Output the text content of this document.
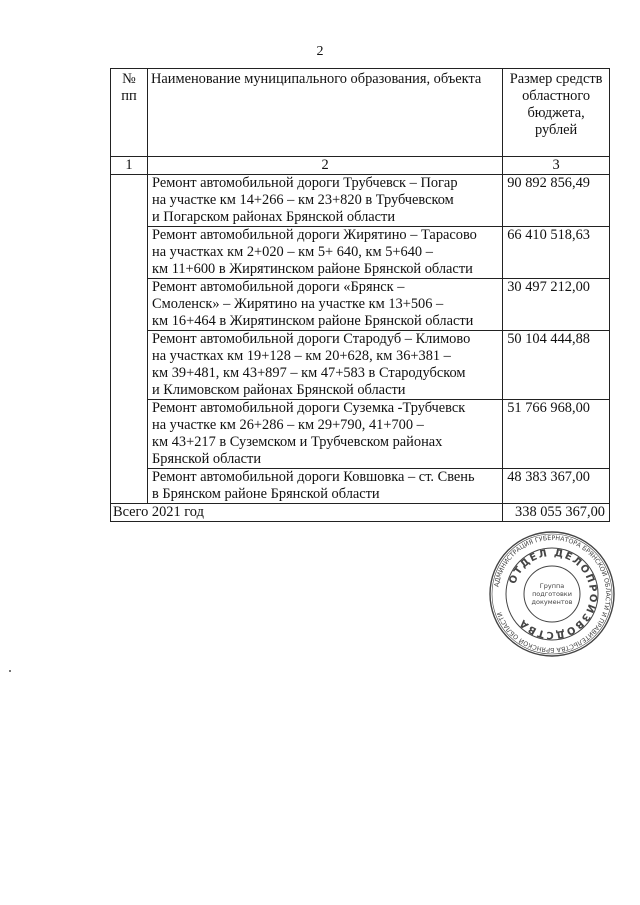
2
№ пп	Наименование муниципального образования, объекта	Размер средств областного бюджета, рублей
1	2	3

	Ремонт автомобильной дороги Трубчевск – Погар
на участке км 14+266 – км 23+820 в Трубчевском
и Погарском районах Брянской области	90 892 856,49

	Ремонт автомобильной дороги Жирятино – Тарасово
на участках км 2+020 – км 5+ 640, км 5+640 –
км 11+600 в Жирятинском районе Брянской области	66 410 518,63

	Ремонт автомобильной дороги «Брянск –
Смоленск» – Жирятино на участке км 13+506 –
км 16+464 в Жирятинском районе Брянской области	30 497 212,00

	Ремонт автомобильной дороги Стародуб – Климово
на участках км 19+128 – км 20+628, км 36+381 –
км 39+481, км 43+897 – км 47+583 в Стародубском
и Климовском районах Брянской области	50 104 444,88

	Ремонт автомобильной дороги Суземка -Трубчевск
на участке км 26+286 – км 29+790, 41+700 –
км 43+217 в Суземском и Трубчевском районах
Брянской области	51 766 968,00

	Ремонт автомобильной дороги Ковшовка – ст. Свень
в Брянском районе Брянской области	48 383 367,00
Всего 2021 год		338 055 367,00
АДМИНИСТРАЦИЯ ГУБЕРНАТОРА БРЯНСКОЙ ОБЛАСТИ И ПРАВИТЕЛЬСТВА БРЯНСКОЙ ОБЛАСТИ
ОТДЕЛ ДЕЛОПРОИЗВОДСТВА
Группа
подготовки
документов
